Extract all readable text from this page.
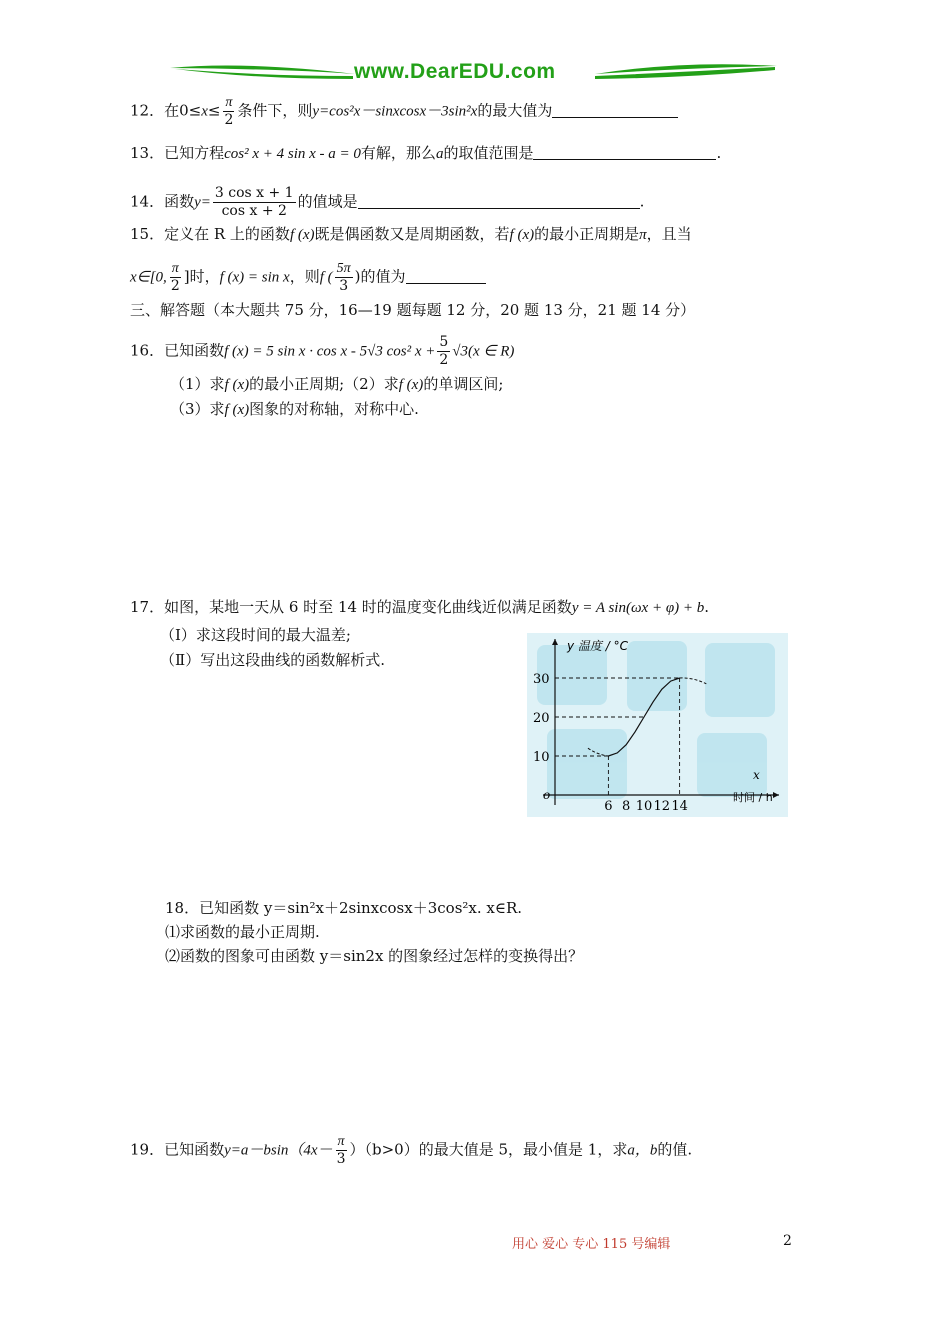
www.DearEDU.com
12．在$0\le x\le \frac{\pi}{2}$ 条件下，则y=cos²x－sinxcosx－3sin²x的最大值为
13．已知方程cos² x + 4 sin x - a = 0有解，那么a的取值范围是	.
14．函数$y= \frac{\text{3 cos x + 1}}{\text{cos x + 2}}$ 的值域是	.
15．定义在 R 上的函数f (x)既是偶函数又是周期函数，若f (x)的最小正周期是π，且当
x∈[0, $\frac{\pi}{2}$ ]时，f (x) = sin x，则f ( $\frac{5\pi}{3}$ )的值为
三、解答题（本大题共 75 分，16—19 题每题 12 分，20 题 13 分，21 题 14 分）
16．已知函数f (x) = 5 sin x · cos x - 5√3 cos² $x + \frac{5}{2} √3(x$ ∈ R)
（1）求f (x)的最小正周期;（2）求f (x)的单调区间;
（3）求f (x)图象的对称轴，对称中心.
17．如图，某地一天从 6 时至 14 时的温度变化曲线近似满足函数y = A sin(ωx + φ) + b.
（Ⅰ）求这段时间的最大温差;
（Ⅱ）写出这段曲线的函数解析式.
10
20
30
6 8 10 12 14
y 温度 / °C
x
时间 / h
o
18．已知函数 y＝sin²x＋2sinxcosx＋3cos²x. x∈R.
⑴求函数的最小正周期.
⑵函数的图象可由函数 y＝sin2x 的图象经过怎样的变换得出？
19．已知函数$y=a-bsin(4x- \frac{\pi}{3} )(b>0)$的最大值是 5，最小值是 1，求a，b的值.
用心 爱心 专心 115 号编辑	2
